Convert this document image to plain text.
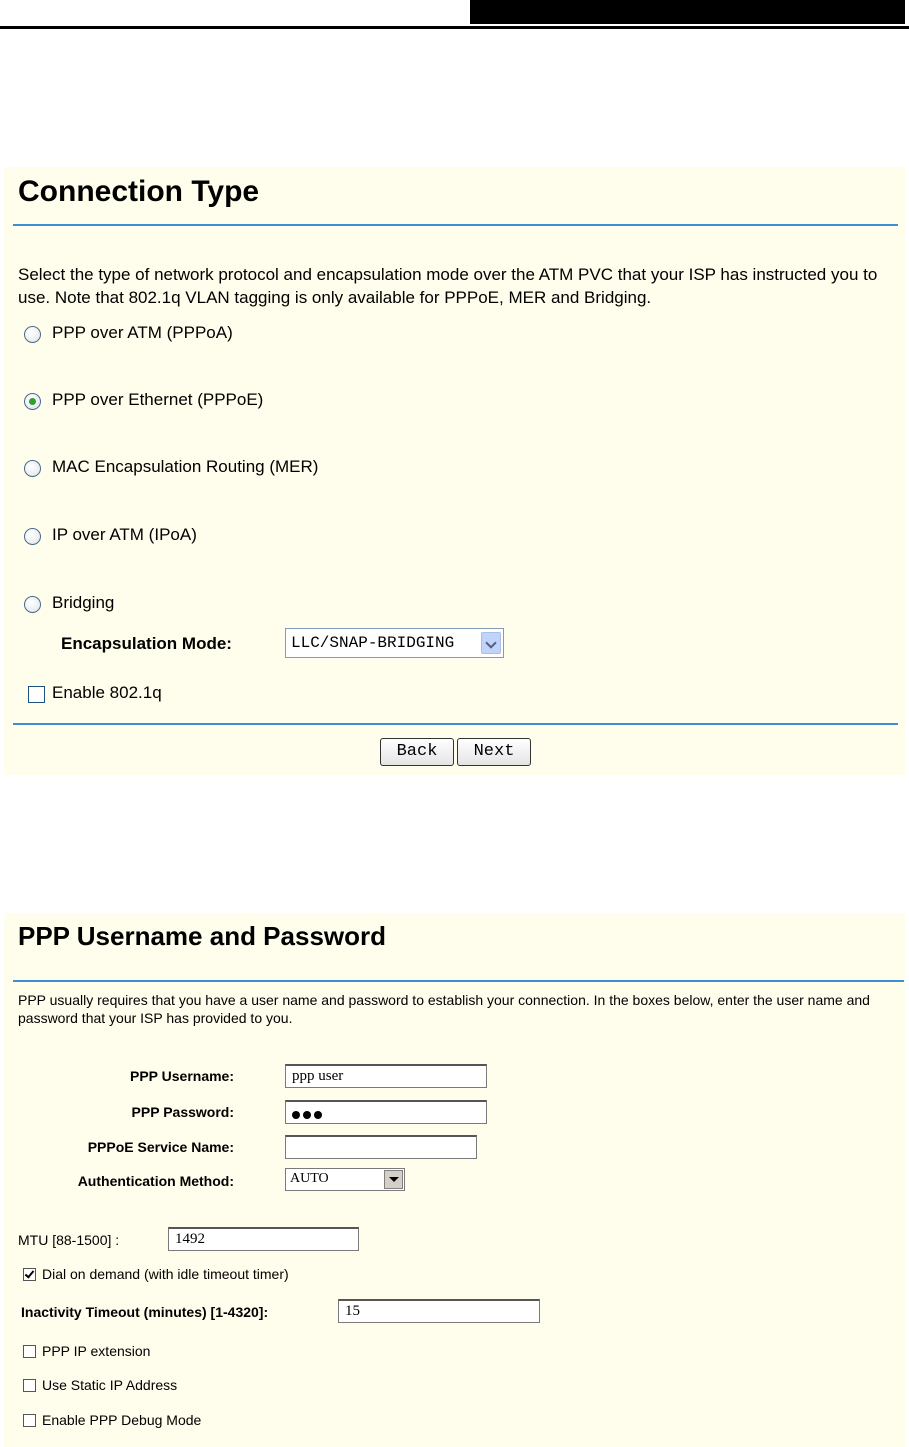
Connection Type
Select the type of network protocol and encapsulation mode over the ATM PVC that your ISP has instructed you to use. Note that 802.1q VLAN tagging is only available for PPPoE, MER and Bridging.
PPP over ATM (PPPoA)
PPP over Ethernet (PPPoE)
MAC Encapsulation Routing (MER)
IP over ATM (IPoA)
Bridging
Encapsulation Mode:	LLC/SNAP-BRIDGING
Enable 802.1q
Back	Next
PPP Username and Password
PPP usually requires that you have a user name and password to establish your connection. In the boxes below, enter the user name and password that your ISP has provided to you.
PPP Username:	ppp user
PPP Password:
PPPoE Service Name:
Authentication Method:	AUTO
MTU [88-1500] :	1492
Dial on demand (with idle timeout timer)
Inactivity Timeout (minutes) [1-4320]:	15
PPP IP extension
Use Static IP Address
Enable PPP Debug Mode
